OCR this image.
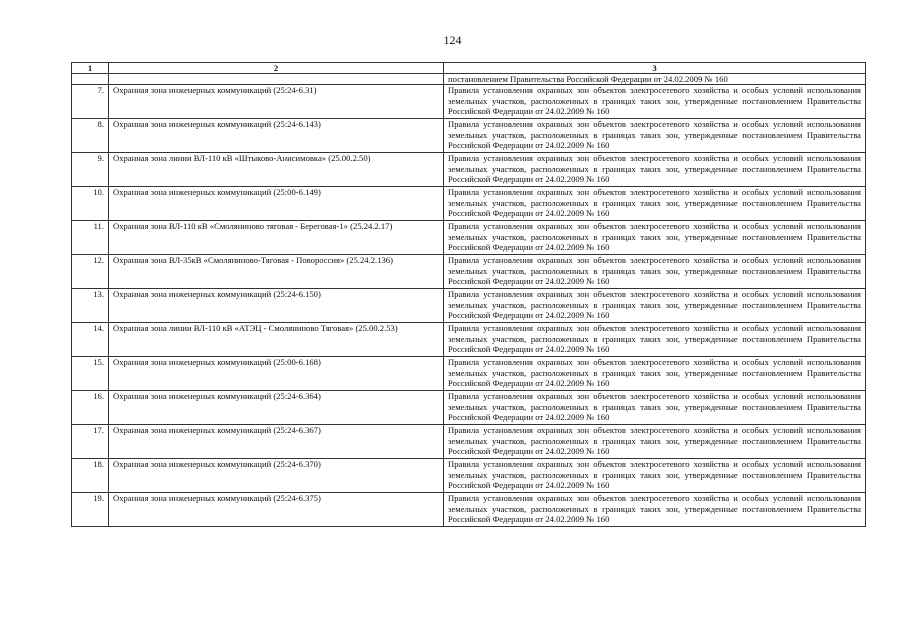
124
1	2	3
		постановлением Правительства Российской Федерации от 24.02.2009 № 160
7.	Охранная зона инженерных коммуникаций (25:24-6.31)	Правила установления охранных зон объектов электросетевого хозяйства и особых условий использования земельных участков, расположенных в границах таких зон, утвержденные постановлением Правительства Российской Федерации от 24.02.2009 № 160
8.	Охранная зона инженерных коммуникаций (25:24-6.143)	Правила установления охранных зон объектов электросетевого хозяйства и особых условий использования земельных участков, расположенных в границах таких зон, утвержденные постановлением Правительства Российской Федерации от 24.02.2009 № 160
9.	Охранная зона линии ВЛ-110 кВ «Штыково-Анисимовка» (25.00.2.50)	Правила установления охранных зон объектов электросетевого хозяйства и особых условий использования земельных участков, расположенных в границах таких зон, утвержденные постановлением Правительства Российской Федерации от 24.02.2009 № 160
10.	Охранная зона инженерных коммуникаций (25:00-6.149)	Правила установления охранных зон объектов электросетевого хозяйства и особых условий использования земельных участков, расположенных в границах таких зон, утвержденные постановлением Правительства Российской Федерации от 24.02.2009 № 160
11.	Охранная зона ВЛ-110 кВ «Смоляниново тяговая - Береговая-1» (25.24.2.17)	Правила установления охранных зон объектов электросетевого хозяйства и особых условий использования земельных участков, расположенных в границах таких зон, утвержденные постановлением Правительства Российской Федерации от 24.02.2009 № 160
12.	Охранная зона ВЛ-35кВ «Смоляниново-Тяговая - Поворосcия» (25.24.2.136)	Правила установления охранных зон объектов электросетевого хозяйства и особых условий использования земельных участков, расположенных в границах таких зон, утвержденные постановлением Правительства Российской Федерации от 24.02.2009 № 160
13.	Охранная зона инженерных коммуникаций (25:24-6.150)	Правила установления охранных зон объектов электросетевого хозяйства и особых условий использования земельных участков, расположенных в границах таких зон, утвержденные постановлением Правительства Российской Федерации от 24.02.2009 № 160
14.	Охранная зона линии ВЛ-110 кВ «АТЭЦ - Смоляниново Тяговая» (25.00.2.53)	Правила установления охранных зон объектов электросетевого хозяйства и особых условий использования земельных участков, расположенных в границах таких зон, утвержденные постановлением Правительства Российской Федерации от 24.02.2009 № 160
15.	Охранная зона инженерных коммуникаций (25:00-6.168)	Правила установления охранных зон объектов электросетевого хозяйства и особых условий использования земельных участков, расположенных в границах таких зон, утвержденные постановлением Правительства Российской Федерации от 24.02.2009 № 160
16.	Охранная зона инженерных коммуникаций (25:24-6.364)	Правила установления охранных зон объектов электросетевого хозяйства и особых условий использования земельных участков, расположенных в границах таких зон, утвержденные постановлением Правительства Российской Федерации от 24.02.2009 № 160
17.	Охранная зона инженерных коммуникаций (25:24-6.367)	Правила установления охранных зон объектов электросетевого хозяйства и особых условий использования земельных участков, расположенных в границах таких зон, утвержденные постановлением Правительства Российской Федерации от 24.02.2009 № 160
18.	Охранная зона инженерных коммуникаций (25:24-6.370)	Правила установления охранных зон объектов электросетевого хозяйства и особых условий использования земельных участков, расположенных в границах таких зон, утвержденные постановлением Правительства Российской Федерации от 24.02.2009 № 160
19.	Охранная зона инженерных коммуникаций (25:24-6.375)	Правила установления охранных зон объектов электросетевого хозяйства и особых условий использования земельных участков, расположенных в границах таких зон, утвержденные постановлением Правительства Российской Федерации от 24.02.2009 № 160
